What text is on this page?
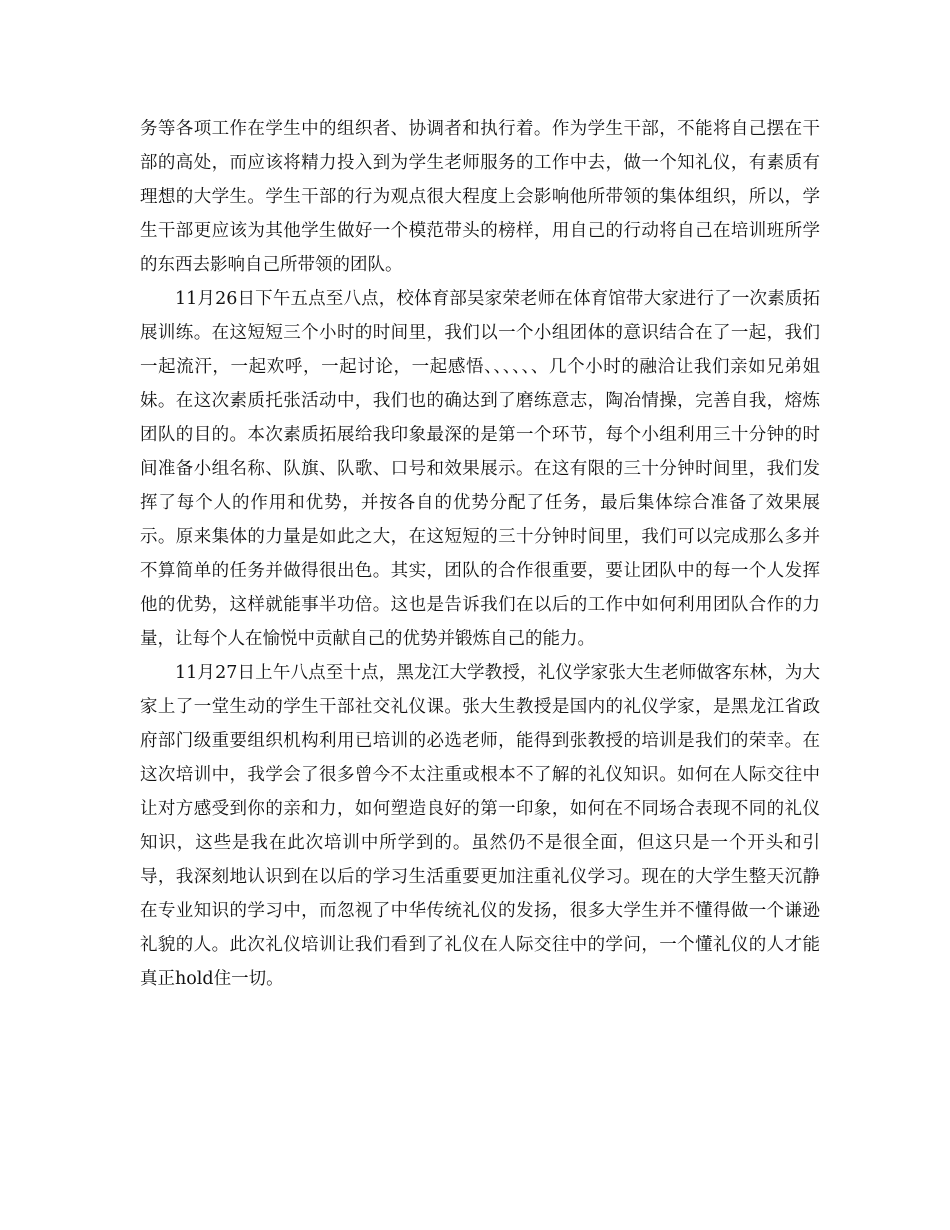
务等各项工作在学生中的组织者、协调者和执行着。作为学生干部，不能将自己摆在干部的高处，而应该将精力投入到为学生老师服务的工作中去，做一个知礼仪，有素质有理想的大学生。学生干部的行为观点很大程度上会影响他所带领的集体组织，所以，学生干部更应该为其他学生做好一个模范带头的榜样，用自己的行动将自己在培训班所学的东西去影响自己所带领的团队。

11月26日下午五点至八点，校体育部吴家荣老师在体育馆带大家进行了一次素质拓展训练。在这短短三个小时的时间里，我们以一个小组团体的意识结合在了一起，我们一起流汗，一起欢呼，一起讨论，一起感悟、、、、、、几个小时的融洽让我们亲如兄弟姐妹。在这次素质托张活动中，我们也的确达到了磨练意志，陶冶情操，完善自我，熔炼团队的目的。本次素质拓展给我印象最深的是第一个环节，每个小组利用三十分钟的时间准备小组名称、队旗、队歌、口号和效果展示。在这有限的三十分钟时间里，我们发挥了每个人的作用和优势，并按各自的优势分配了任务，最后集体综合准备了效果展示。原来集体的力量是如此之大，在这短短的三十分钟时间里，我们可以完成那么多并不算简单的任务并做得很出色。其实，团队的合作很重要，要让团队中的每一个人发挥他的优势，这样就能事半功倍。这也是告诉我们在以后的工作中如何利用团队合作的力量，让每个人在愉悦中贡献自己的优势并锻炼自己的能力。

11月27日上午八点至十点，黑龙江大学教授，礼仪学家张大生老师做客东林，为大家上了一堂生动的学生干部社交礼仪课。张大生教授是国内的礼仪学家，是黑龙江省政府部门级重要组织机构利用已培训的必选老师，能得到张教授的培训是我们的荣幸。在这次培训中，我学会了很多曾今不太注重或根本不了解的礼仪知识。如何在人际交往中让对方感受到你的亲和力，如何塑造良好的第一印象，如何在不同场合表现不同的礼仪知识，这些是我在此次培训中所学到的。虽然仍不是很全面，但这只是一个开头和引导，我深刻地认识到在以后的学习生活重要更加注重礼仪学习。现在的大学生整天沉静在专业知识的学习中，而忽视了中华传统礼仪的发扬，很多大学生并不懂得做一个谦逊礼貌的人。此次礼仪培训让我们看到了礼仪在人际交往中的学问，一个懂礼仪的人才能真正hold住一切。
